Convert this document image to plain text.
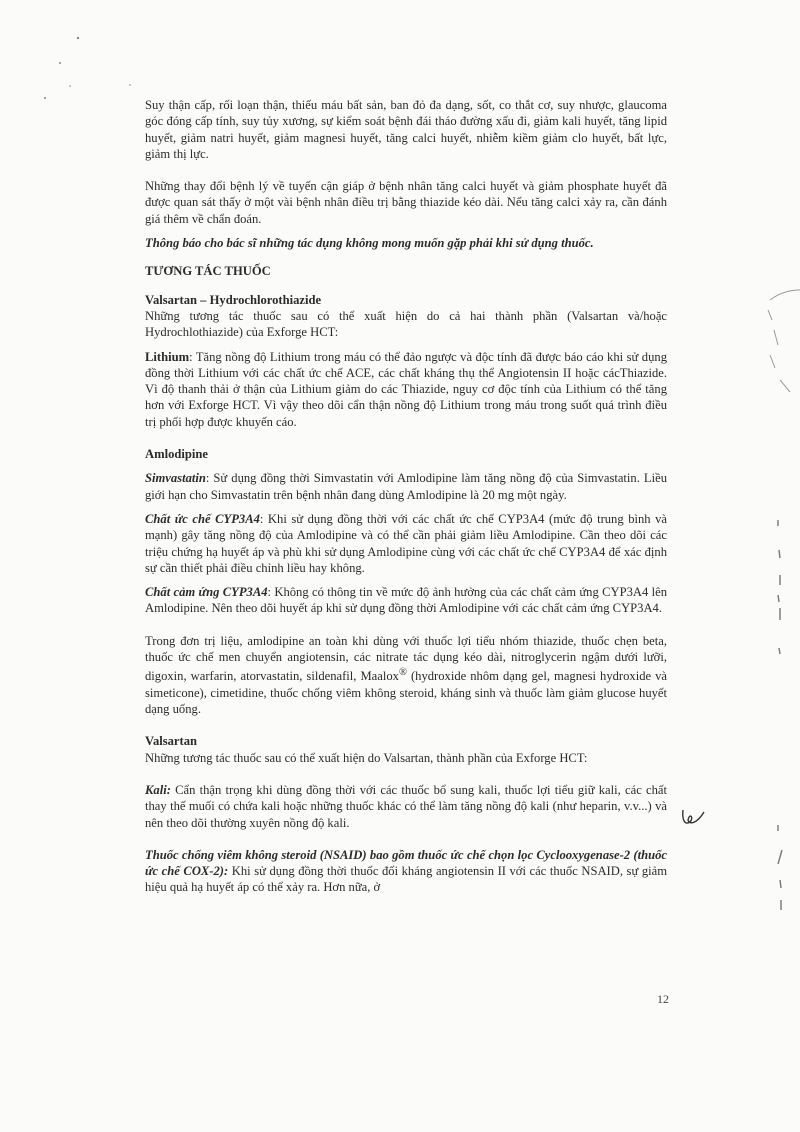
Suy thận cấp, rối loạn thận, thiếu máu bất sản, ban đỏ đa dạng, sốt, co thắt cơ, suy nhược, glaucoma góc đóng cấp tính, suy tủy xương, sự kiểm soát bệnh đái tháo đường xấu đi, giảm kali huyết, tăng lipid huyết, giảm natri huyết, giảm magnesi huyết, tăng calci huyết, nhiễm kiềm giảm clo huyết, bất lực, giảm thị lực.

Những thay đổi bệnh lý về tuyến cận giáp ở bệnh nhân tăng calci huyết và giảm phosphate huyết đã được quan sát thấy ở một vài bệnh nhân điều trị bằng thiazide kéo dài. Nếu tăng calci xảy ra, cần đánh giá thêm về chẩn đoán.

Thông báo cho bác sĩ những tác dụng không mong muốn gặp phải khi sử dụng thuốc.

TƯƠNG TÁC THUỐC

Valsartan – Hydrochlorothiazide

Những tương tác thuốc sau có thể xuất hiện do cả hai thành phần (Valsartan và/hoặc Hydrochlothiazide) của Exforge HCT:

Lithium: Tăng nồng độ Lithium trong máu có thể đảo ngược và độc tính đã được báo cáo khi sử dụng đồng thời Lithium với các chất ức chế ACE, các chất kháng thụ thể Angiotensin II hoặc cácThiazide. Vì độ thanh thải ở thận của Lithium giảm do các Thiazide, nguy cơ độc tính của Lithium có thể tăng hơn với Exforge HCT. Vì vậy theo dõi cẩn thận nồng độ Lithium trong máu trong suốt quá trình điều trị phối hợp được khuyến cáo.

Amlodipine

Simvastatin: Sử dụng đồng thời Simvastatin với Amlodipine làm tăng nồng độ của Simvastatin. Liều giới hạn cho Simvastatin trên bệnh nhân đang dùng Amlodipine là 20 mg một ngày.

Chất ức chế CYP3A4: Khi sử dụng đồng thời với các chất ức chế CYP3A4 (mức độ trung bình và mạnh) gây tăng nồng độ của Amlodipine và có thể cần phải giảm liều Amlodipine. Cần theo dõi các triệu chứng hạ huyết áp và phù khi sử dụng Amlodipine cùng với các chất ức chế CYP3A4 để xác định sự cần thiết phải điều chỉnh liều hay không.

Chất cảm ứng CYP3A4: Không có thông tin về mức độ ảnh hưởng của các chất cảm ứng CYP3A4 lên Amlodipine. Nên theo dõi huyết áp khi sử dụng đồng thời Amlodipine với các chất cảm ứng CYP3A4.

Trong đơn trị liệu, amlodipine an toàn khi dùng với thuốc lợi tiểu nhóm thiazide, thuốc chẹn beta, thuốc ức chế men chuyển angiotensin, các nitrate tác dụng kéo dài, nitroglycerin ngậm dưới lưỡi, digoxin, warfarin, atorvastatin, sildenafil, Maalox® (hydroxide nhôm dạng gel, magnesi hydroxide và simeticone), cimetidine, thuốc chống viêm không steroid, kháng sinh và thuốc làm giảm glucose huyết dạng uống.

Valsartan

Những tương tác thuốc sau có thể xuất hiện do Valsartan, thành phần của Exforge HCT:

Kali: Cẩn thận trọng khi dùng đồng thời với các thuốc bổ sung kali, thuốc lợi tiểu giữ kali, các chất thay thế muối có chứa kali hoặc những thuốc khác có thể làm tăng nồng độ kali (như heparin, v.v...) và nên theo dõi thường xuyên nồng độ kali.

Thuốc chống viêm không steroid (NSAID) bao gồm thuốc ức chế chọn lọc Cyclooxygenase-2 (thuốc ức chế COX-2): Khi sử dụng đồng thời thuốc đối kháng angiotensin II với các thuốc NSAID, sự giảm hiệu quả hạ huyết áp có thể xảy ra. Hơn nữa, ở

12
